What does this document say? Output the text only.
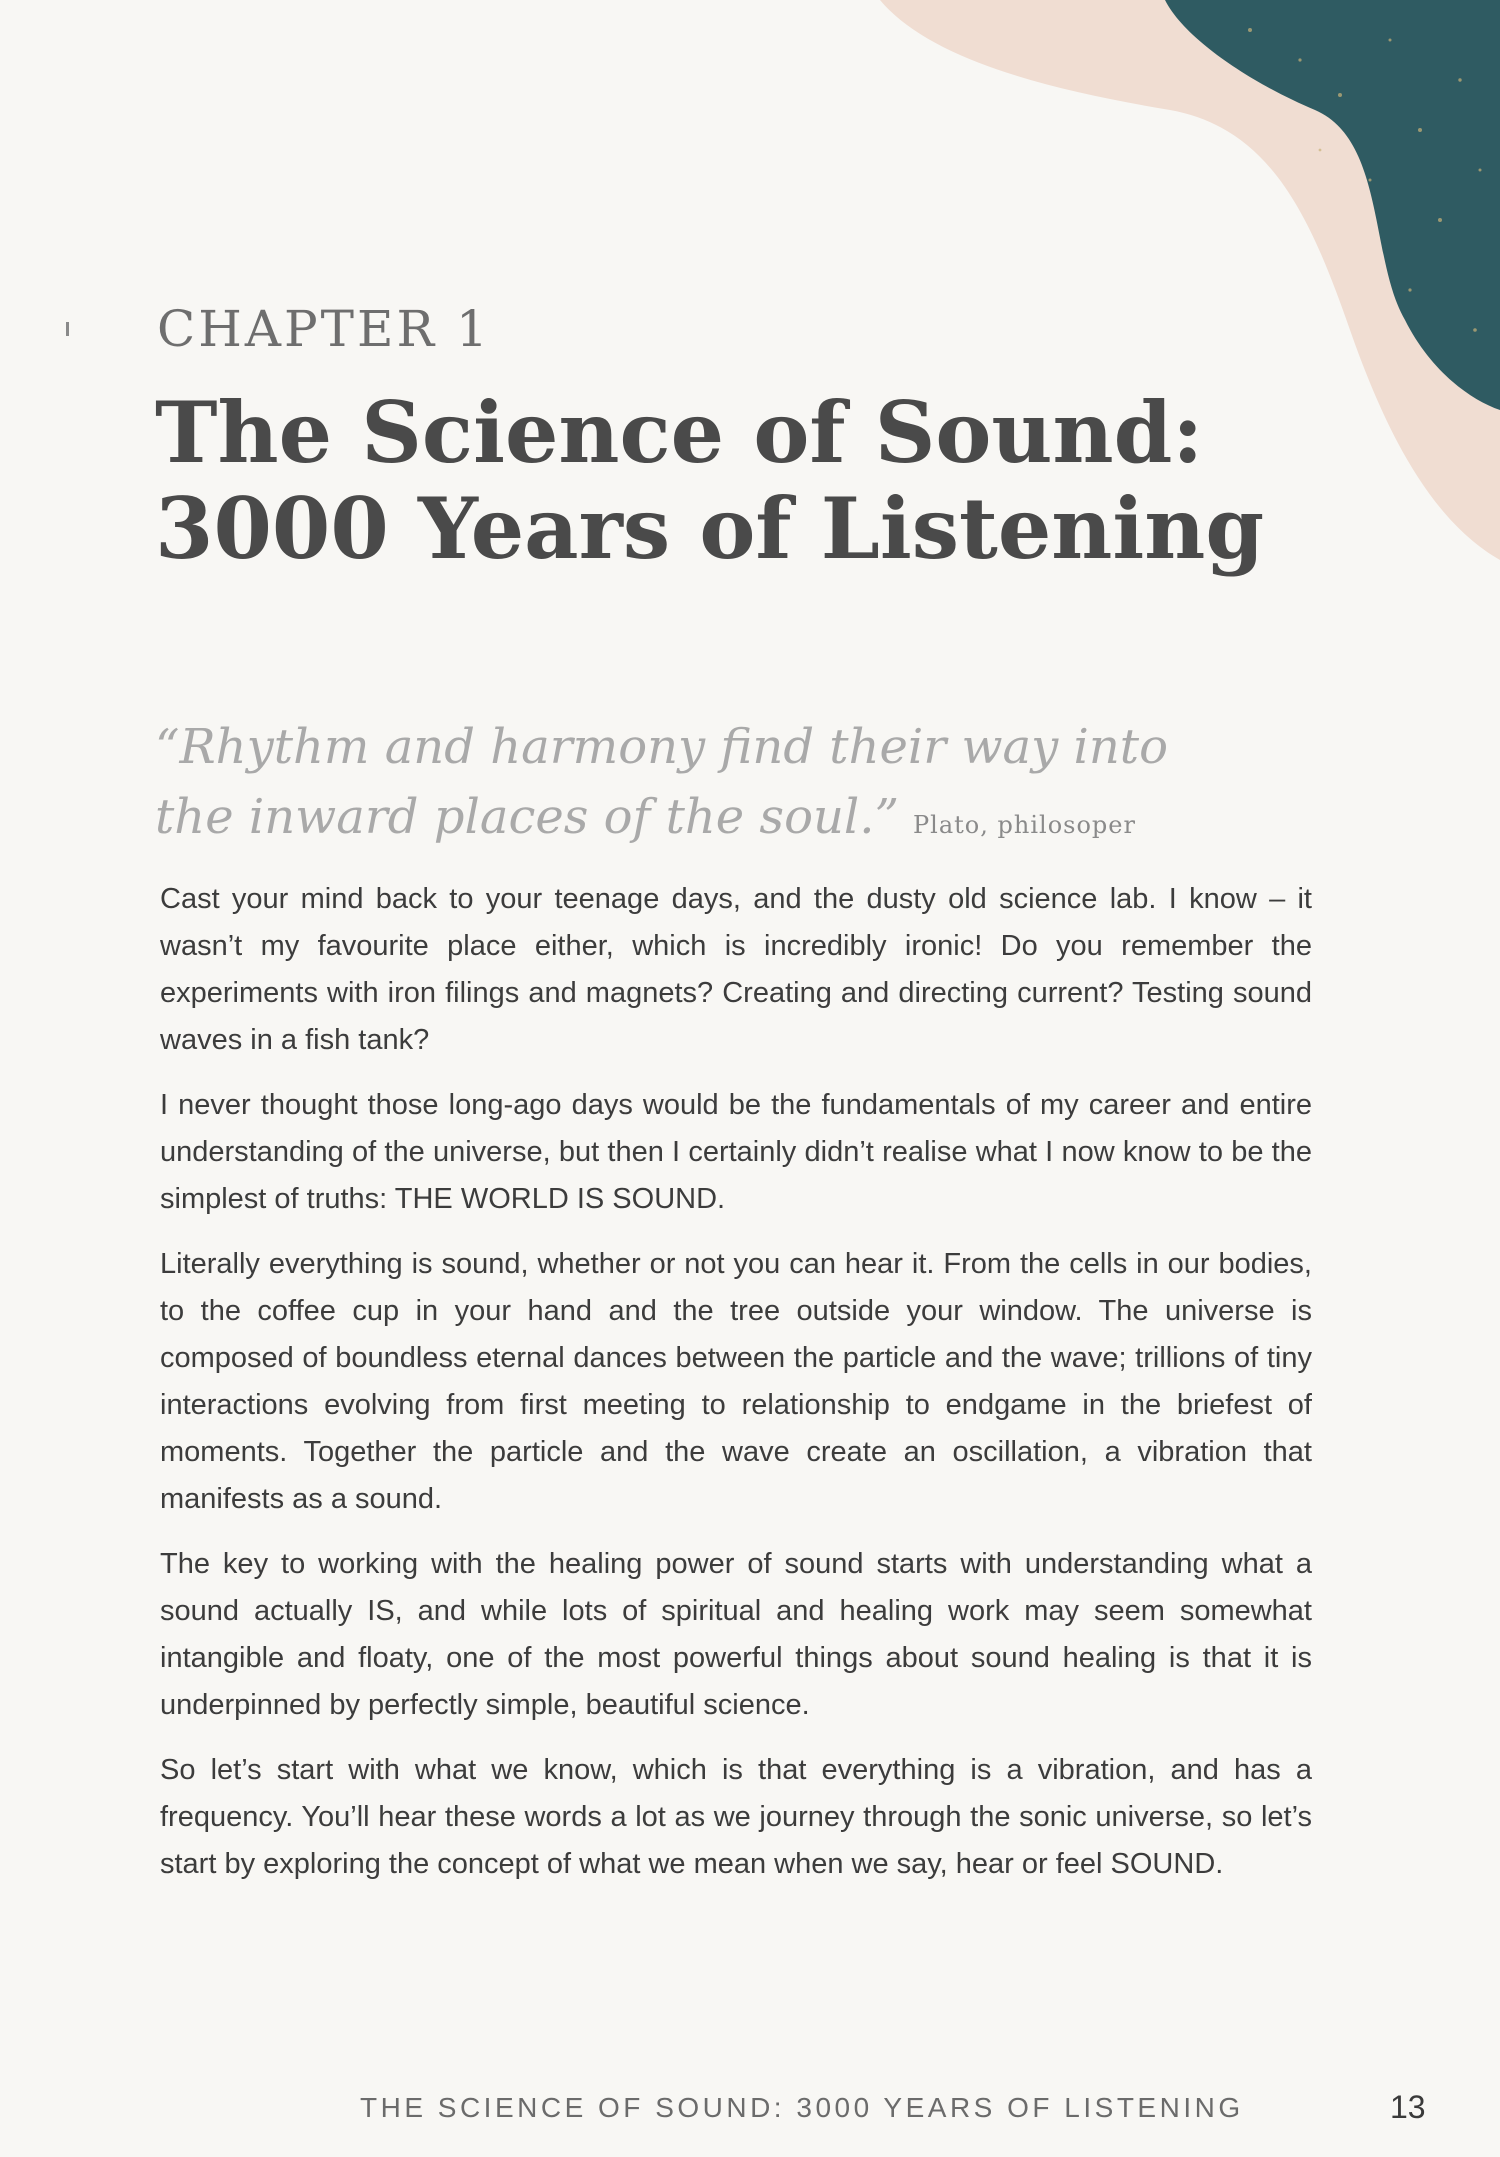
CHAPTER 1
The Science of Sound:
3000 Years of Listening
“Rhythm and harmony find their way into
the inward places of the soul.” Plato, philosoper

Cast your mind back to your teenage days, and the dusty old science lab. I know – it wasn’t my favourite place either, which is incredibly ironic! Do you remember the experiments with iron filings and magnets? Creating and directing current? Testing sound waves in a fish tank?

I never thought those long-ago days would be the fundamentals of my career and entire understanding of the universe, but then I certainly didn’t realise what I now know to be the simplest of truths: THE WORLD IS SOUND.

Literally everything is sound, whether or not you can hear it. From the cells in our bodies, to the coffee cup in your hand and the tree outside your window. The universe is composed of boundless eternal dances between the particle and the wave; trillions of tiny interactions evolving from first meeting to relationship to endgame in the briefest of moments. Together the particle and the wave create an oscillation, a vibration that manifests as a sound.

The key to working with the healing power of sound starts with understanding what a sound actually IS, and while lots of spiritual and healing work may seem somewhat intangible and floaty, one of the most powerful things about sound healing is that it is underpinned by perfectly simple, beautiful science.

So let’s start with what we know, which is that everything is a vibration, and has a frequency. You’ll hear these words a lot as we journey through the sonic universe, so let’s start by exploring the concept of what we mean when we say, hear or feel SOUND.

THE SCIENCE OF SOUND: 3000 YEARS OF LISTENING	13
